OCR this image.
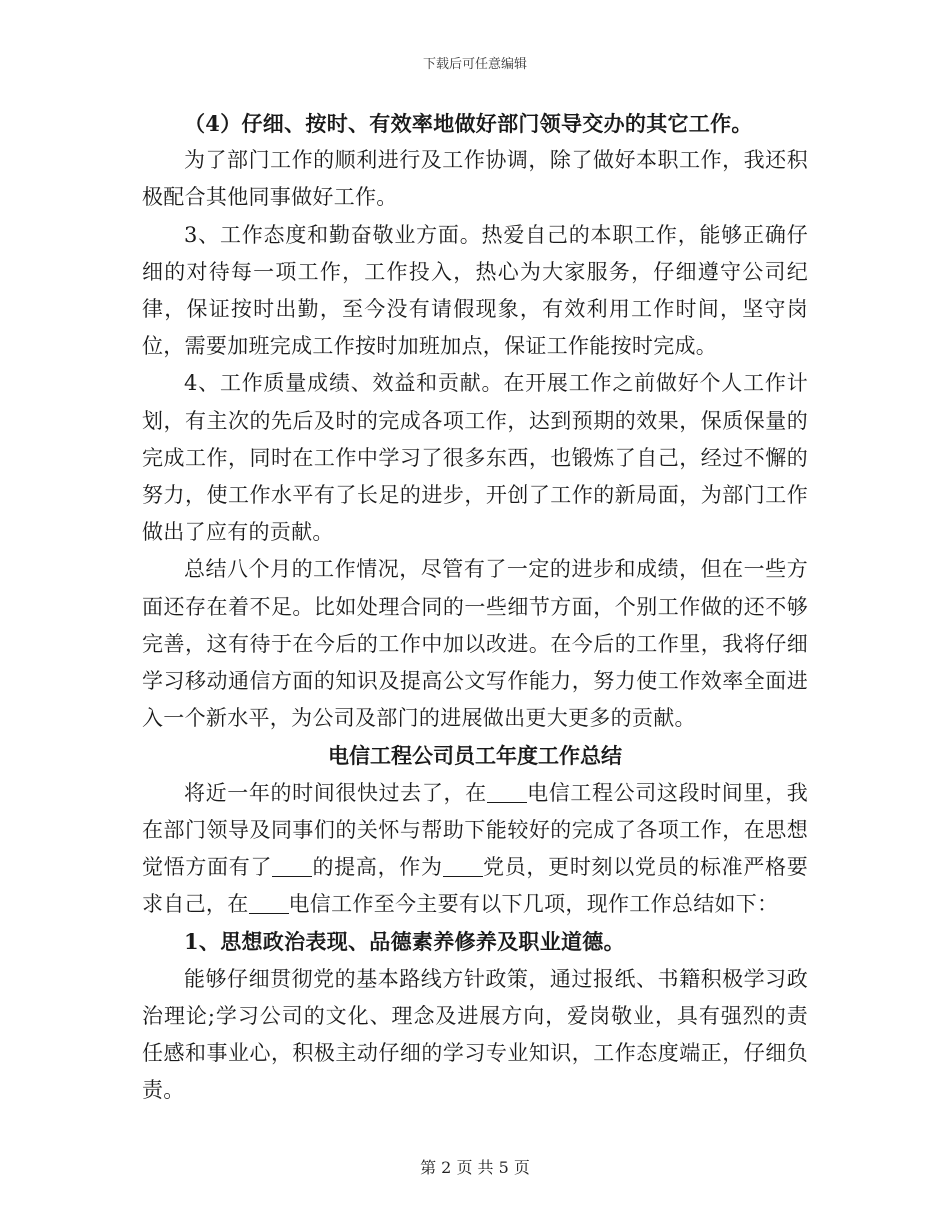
下载后可任意编辑

（4）仔细、按时、有效率地做好部门领导交办的其它工作。

为了部门工作的顺利进行及工作协调，除了做好本职工作，我还积极配合其他同事做好工作。

3、工作态度和勤奋敬业方面。热爱自己的本职工作，能够正确仔细的对待每一项工作，工作投入，热心为大家服务，仔细遵守公司纪律，保证按时出勤，至今没有请假现象，有效利用工作时间，坚守岗位，需要加班完成工作按时加班加点，保证工作能按时完成。

4、工作质量成绩、效益和贡献。在开展工作之前做好个人工作计划，有主次的先后及时的完成各项工作，达到预期的效果，保质保量的完成工作，同时在工作中学习了很多东西，也锻炼了自己，经过不懈的努力，使工作水平有了长足的进步，开创了工作的新局面，为部门工作做出了应有的贡献。

总结八个月的工作情况，尽管有了一定的进步和成绩，但在一些方面还存在着不足。比如处理合同的一些细节方面，个别工作做的还不够完善，这有待于在今后的工作中加以改进。在今后的工作里，我将仔细学习移动通信方面的知识及提高公文写作能力，努力使工作效率全面进入一个新水平，为公司及部门的进展做出更大更多的贡献。

电信工程公司员工年度工作总结

将近一年的时间很快过去了，在 电信工程公司这段时间里，我在部门领导及同事们的关怀与帮助下能较好的完成了各项工作，在思想觉悟方面有了 的提高，作为 党员，更时刻以党员的标准严格要求自己，在 电信工作至今主要有以下几项，现作工作总结如下：

1、思想政治表现、品德素养修养及职业道德。

能够仔细贯彻党的基本路线方针政策，通过报纸、书籍积极学习政治理论;学习公司的文化、理念及进展方向，爱岗敬业，具有强烈的责任感和事业心，积极主动仔细的学习专业知识，工作态度端正，仔细负责。

第 2 页 共 5 页
